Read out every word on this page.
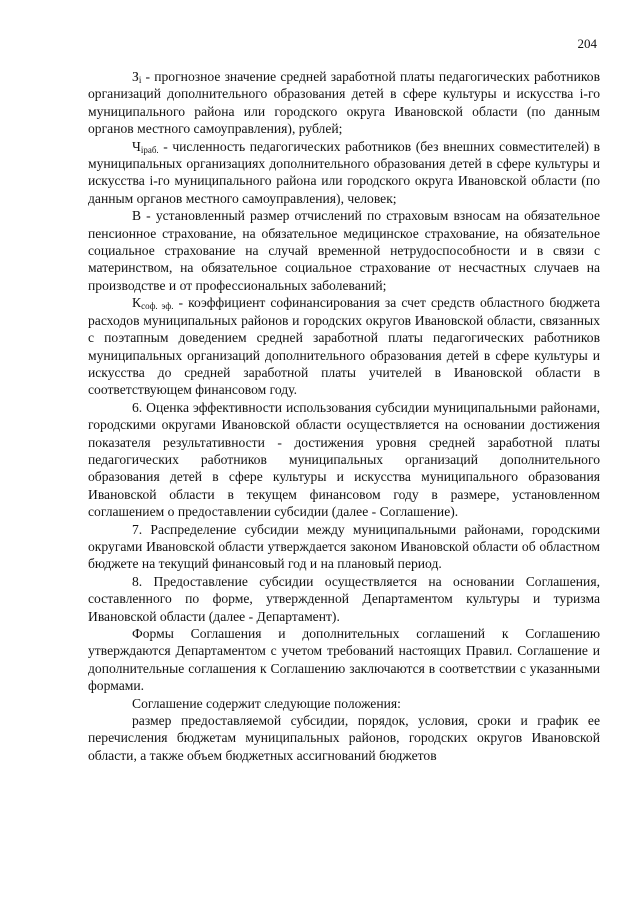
204

$З_i$ - прогнозное значение средней заработной платы педагогических работников организаций дополнительного образования детей в сфере культуры и искусства i-го муниципального района или городского округа Ивановской области (по данным органов местного самоуправления), рублей;

$Ч_{iраб.}$ - численность педагогических работников (без внешних совместителей) в муниципальных организациях дополнительного образования детей в сфере культуры и искусства i-го муниципального района или городского округа Ивановской области (по данным органов местного самоуправления), человек;

В - установленный размер отчислений по страховым взносам на обязательное пенсионное страхование, на обязательное медицинское страхование, на обязательное социальное страхование на случай временной нетрудоспособности и в связи с материнством, на обязательное социальное страхование от несчастных случаев на производстве и от профессиональных заболеваний;

$К_{соф. эф.}$ - коэффициент софинансирования за счет средств областного бюджета расходов муниципальных районов и городских округов Ивановской области, связанных с поэтапным доведением средней заработной платы педагогических работников муниципальных организаций дополнительного образования детей в сфере культуры и искусства до средней заработной платы учителей в Ивановской области в соответствующем финансовом году.

6. Оценка эффективности использования субсидии муниципальными районами, городскими округами Ивановской области осуществляется на основании достижения показателя результативности - достижения уровня средней заработной платы педагогических работников муниципальных организаций дополнительного образования детей в сфере культуры и искусства муниципального образования Ивановской области в текущем финансовом году в размере, установленном соглашением о предоставлении субсидии (далее - Соглашение).

7. Распределение субсидии между муниципальными районами, городскими округами Ивановской области утверждается законом Ивановской области об областном бюджете на текущий финансовый год и на плановый период.

8. Предоставление субсидии осуществляется на основании Соглашения, составленного по форме, утвержденной Департаментом культуры и туризма Ивановской области (далее - Департамент).

Формы Соглашения и дополнительных соглашений к Соглашению утверждаются Департаментом с учетом требований настоящих Правил. Соглашение и дополнительные соглашения к Соглашению заключаются в соответствии с указанными формами.

Соглашение содержит следующие положения:

размер предоставляемой субсидии, порядок, условия, сроки и график ее перечисления бюджетам муниципальных районов, городских округов Ивановской области, а также объем бюджетных ассигнований бюджетов
